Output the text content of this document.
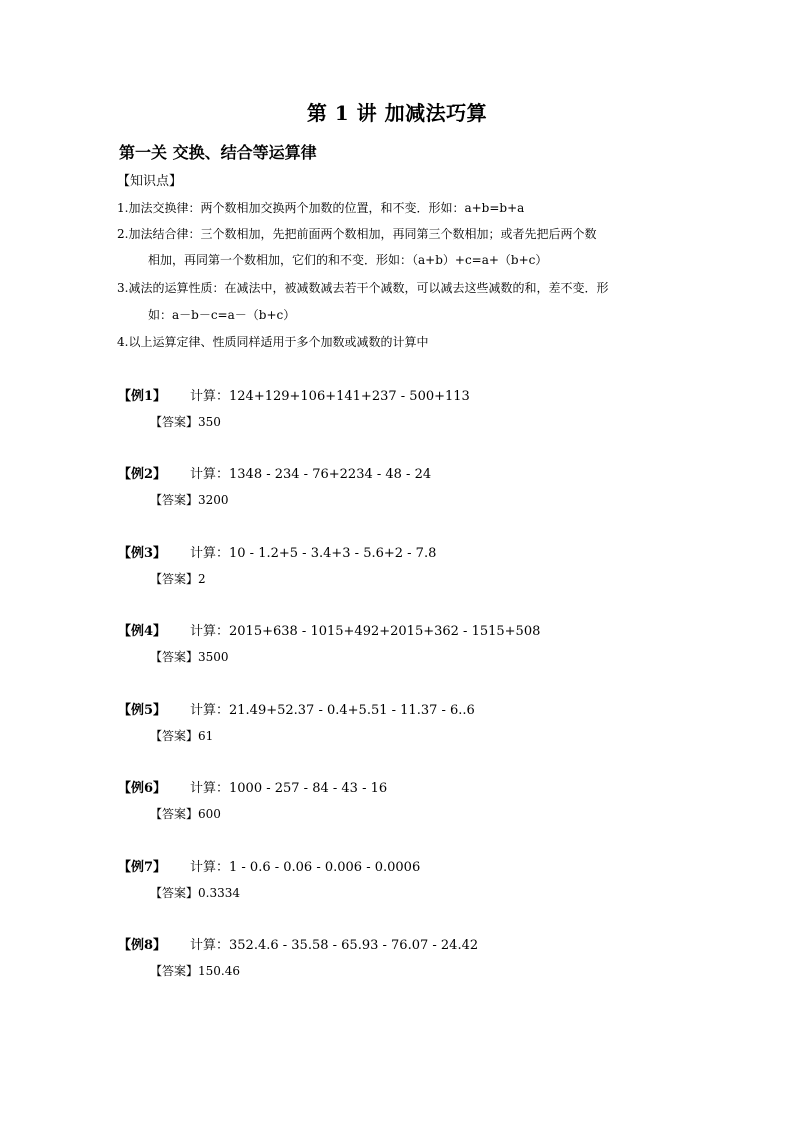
第 1 讲 加减法巧算
第一关 交换、结合等运算律
【知识点】
1.加法交换律：两个数相加交换两个加数的位置，和不变．形如：a+b=b+a
2.加法结合律：三个数相加，先把前面两个数相加，再同第三个数相加；或者先把后两个数
相加，再同第一个数相加，它们的和不变．形如：（a+b）+c=a+（b+c）
3.减法的运算性质：在减法中，被减数减去若干个减数，可以减去这些减数的和，差不变．形
如：a－b－c=a－（b+c）
4.以上运算定律、性质同样适用于多个加数或减数的计算中
【例1】 计算：124+129+106+141+237 - 500+113
【答案】350
【例2】 计算：1348 - 234 - 76+2234 - 48 - 24
【答案】3200
【例3】 计算：10 - 1.2+5 - 3.4+3 - 5.6+2 - 7.8
【答案】2
【例4】 计算：2015+638 - 1015+492+2015+362 - 1515+508
【答案】3500
【例5】 计算：21.49+52.37 - 0.4+5.51 - 11.37 - 6..6
【答案】61
【例6】 计算：1000 - 257 - 84 - 43 - 16
【答案】600
【例7】 计算：1 - 0.6 - 0.06 - 0.006 - 0.0006
【答案】0.3334
【例8】 计算：352.4.6 - 35.58 - 65.93 - 76.07 - 24.42
【答案】150.46
